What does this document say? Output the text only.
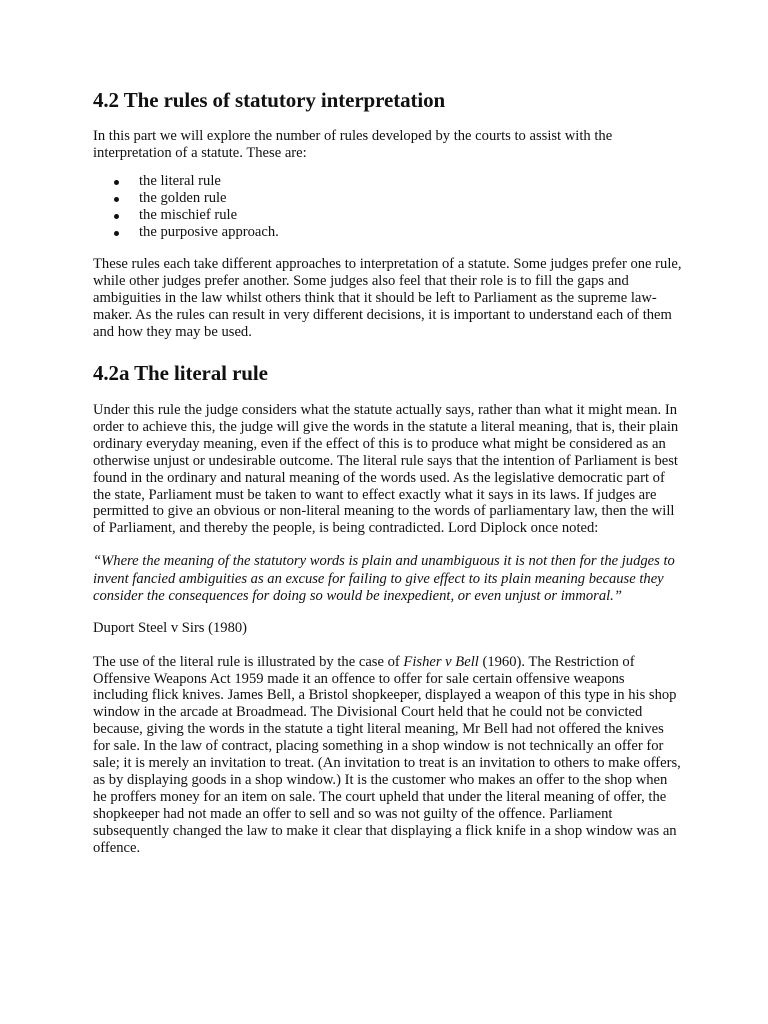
4.2 The rules of statutory interpretation

In this part we will explore the number of rules developed by the courts to assist with the interpretation of a statute. These are:

the literal rule
the golden rule
the mischief rule
the purposive approach.

These rules each take different approaches to interpretation of a statute. Some judges prefer one rule, while other judges prefer another. Some judges also feel that their role is to fill the gaps and ambiguities in the law whilst others think that it should be left to Parliament as the supreme law-maker. As the rules can result in very different decisions, it is important to understand each of them and how they may be used.

4.2a The literal rule

Under this rule the judge considers what the statute actually says, rather than what it might mean. In order to achieve this, the judge will give the words in the statute a literal meaning, that is, their plain ordinary everyday meaning, even if the effect of this is to produce what might be considered as an otherwise unjust or undesirable outcome. The literal rule says that the intention of Parliament is best found in the ordinary and natural meaning of the words used. As the legislative democratic part of the state, Parliament must be taken to want to effect exactly what it says in its laws. If judges are permitted to give an obvious or non-literal meaning to the words of parliamentary law, then the will of Parliament, and thereby the people, is being contradicted. Lord Diplock once noted:

“Where the meaning of the statutory words is plain and unambiguous it is not then for the judges to invent fancied ambiguities as an excuse for failing to give effect to its plain meaning because they consider the consequences for doing so would be inexpedient, or even unjust or immoral.”

Duport Steel v Sirs (1980)

The use of the literal rule is illustrated by the case of Fisher v Bell (1960). The Restriction of Offensive Weapons Act 1959 made it an offence to offer for sale certain offensive weapons including flick knives. James Bell, a Bristol shopkeeper, displayed a weapon of this type in his shop window in the arcade at Broadmead. The Divisional Court held that he could not be convicted because, giving the words in the statute a tight literal meaning, Mr Bell had not offered the knives for sale. In the law of contract, placing something in a shop window is not technically an offer for sale; it is merely an invitation to treat. (An invitation to treat is an invitation to others to make offers, as by displaying goods in a shop window.) It is the customer who makes an offer to the shop when he proffers money for an item on sale. The court upheld that under the literal meaning of offer, the shopkeeper had not made an offer to sell and so was not guilty of the offence. Parliament subsequently changed the law to make it clear that displaying a flick knife in a shop window was an offence.
